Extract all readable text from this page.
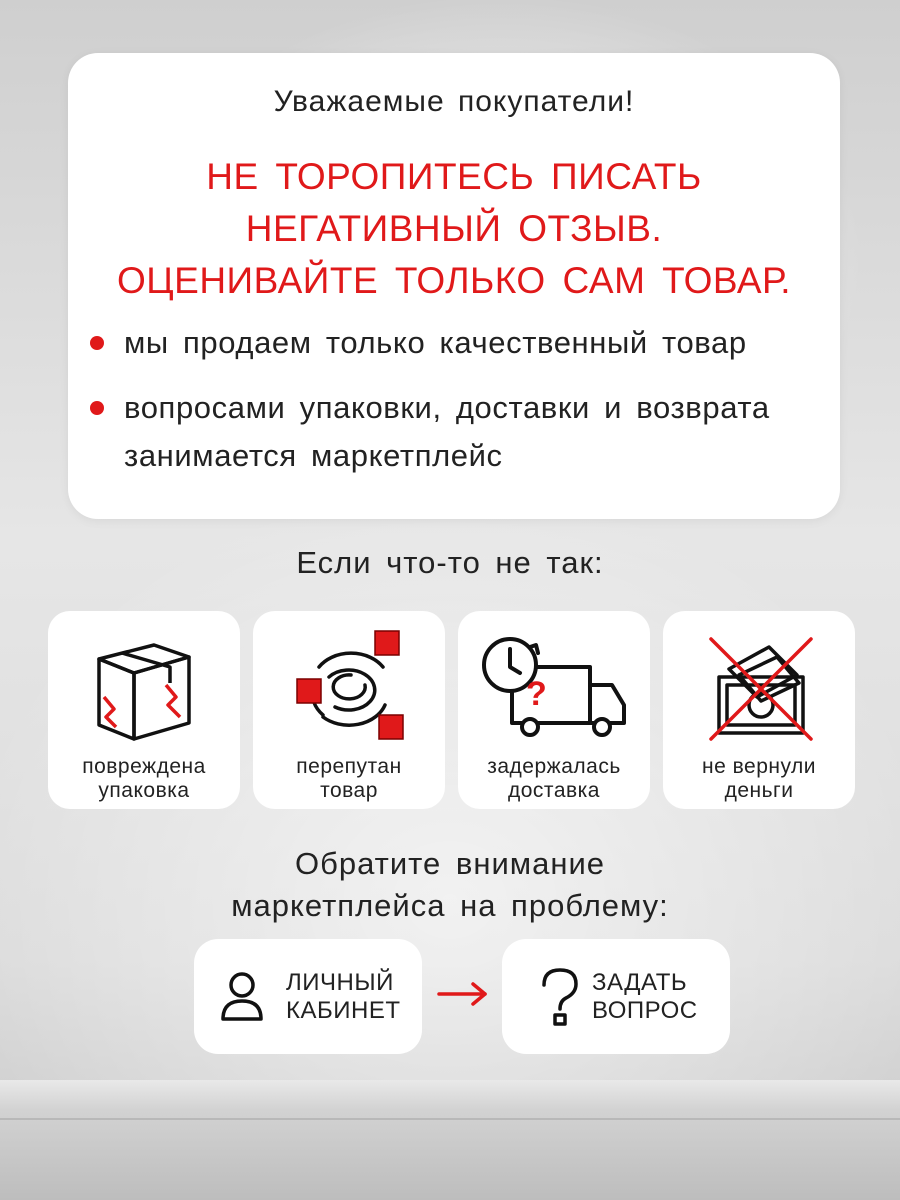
Уважаемые покупатели!
НЕ ТОРОПИТЕСЬ ПИСАТЬ
НЕГАТИВНЫЙ ОТЗЫВ.
ОЦЕНИВАЙТЕ ТОЛЬКО САМ ТОВАР.
мы продаем только качественный товар
вопросами упаковки, доставки и возврата занимается маркетплейс
Если что-то не так:
повреждена
упаковка
перепутан
товар
?
задержалась
доставка
не вернули
деньги
Обратите внимание
маркетплейса на проблему:
ЛИЧНЫЙ
КАБИНЕТ
ЗАДАТЬ
ВОПРОС
